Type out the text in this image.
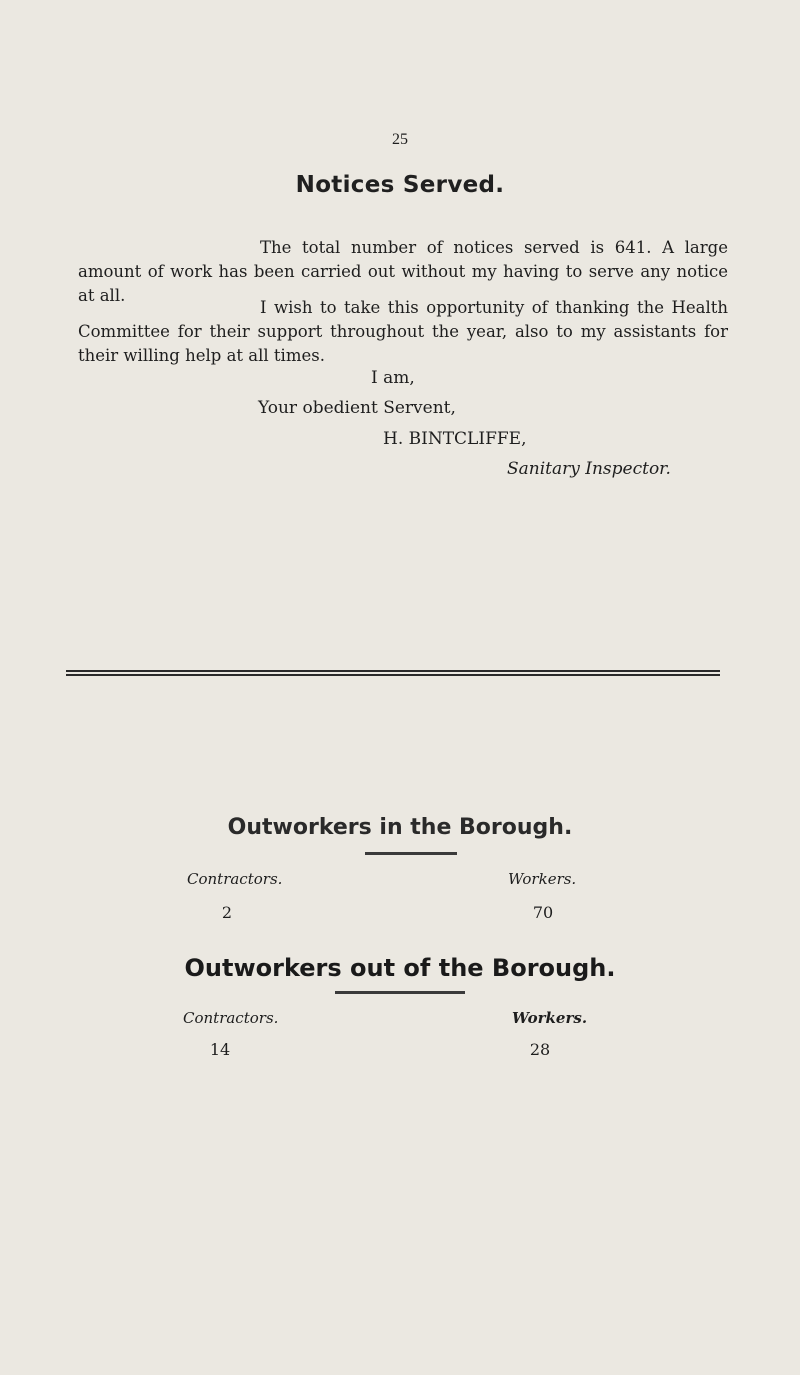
25
Notices Served.
The total number of notices served is 641. A large amount of work has been carried out without my having to serve any notice at all.
I wish to take this opportunity of thanking the Health Committee for their support throughout the year, also to my assistants for their willing help at all times.
I am,
Your obedient Servent,
H. BINTCLIFFE,
Sanitary Inspector.
Outworkers in the Borough.
Contractors.	Workers.
2	70
Outworkers out of the Borough.
Contractors.	Workers.
14	28
